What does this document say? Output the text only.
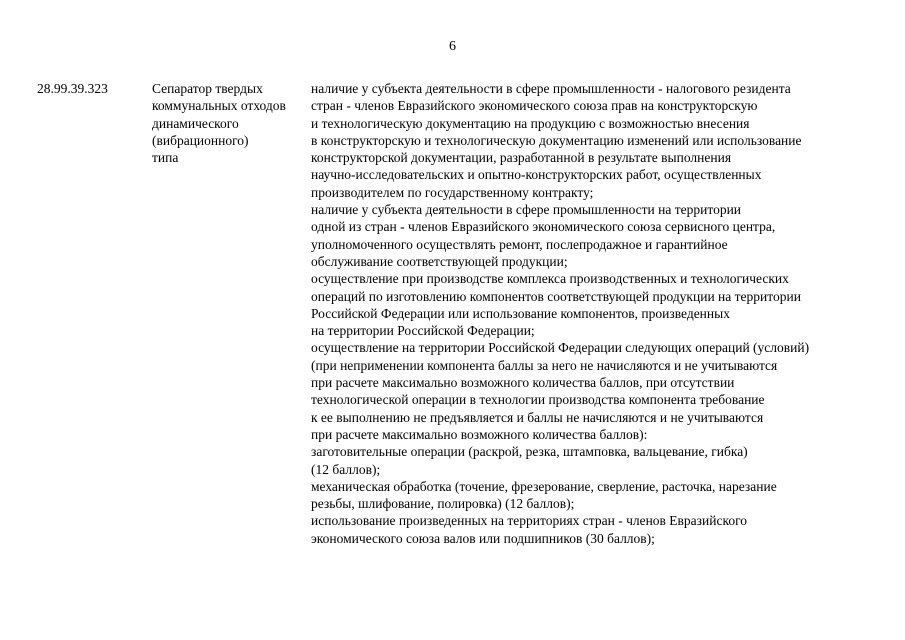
6
28.99.39.323	Сепаратор твердых
коммунальных отходов
динамического
(вибрационного)
типа
наличие у субъекта деятельности в сфере промышленности - налогового резидента
стран - членов Евразийского экономического союза прав на конструкторскую
и технологическую документацию на продукцию с возможностью внесения
в конструкторскую и технологическую документацию изменений или использование
конструкторской документации, разработанной в результате выполнения
научно-исследовательских и опытно-конструкторских работ, осуществленных
производителем по государственному контракту;
наличие у субъекта деятельности в сфере промышленности на территории
одной из стран - членов Евразийского экономического союза сервисного центра,
уполномоченного осуществлять ремонт, послепродажное и гарантийное
обслуживание соответствующей продукции;
осуществление при производстве комплекса производственных и технологических
операций по изготовлению компонентов соответствующей продукции на территории
Российской Федерации или использование компонентов, произведенных
на территории Российской Федерации;
осуществление на территории Российской Федерации следующих операций (условий)
(при неприменении компонента баллы за него не начисляются и не учитываются
при расчете максимально возможного количества баллов, при отсутствии
технологической операции в технологии производства компонента требование
к ее выполнению не предъявляется и баллы не начисляются и не учитываются
при расчете максимально возможного количества баллов):
заготовительные операции (раскрой, резка, штамповка, вальцевание, гибка)
(12 баллов);
механическая обработка (точение, фрезерование, сверление, расточка, нарезание
резьбы, шлифование, полировка) (12 баллов);
использование произведенных на территориях стран - членов Евразийского
экономического союза валов или подшипников (30 баллов);
